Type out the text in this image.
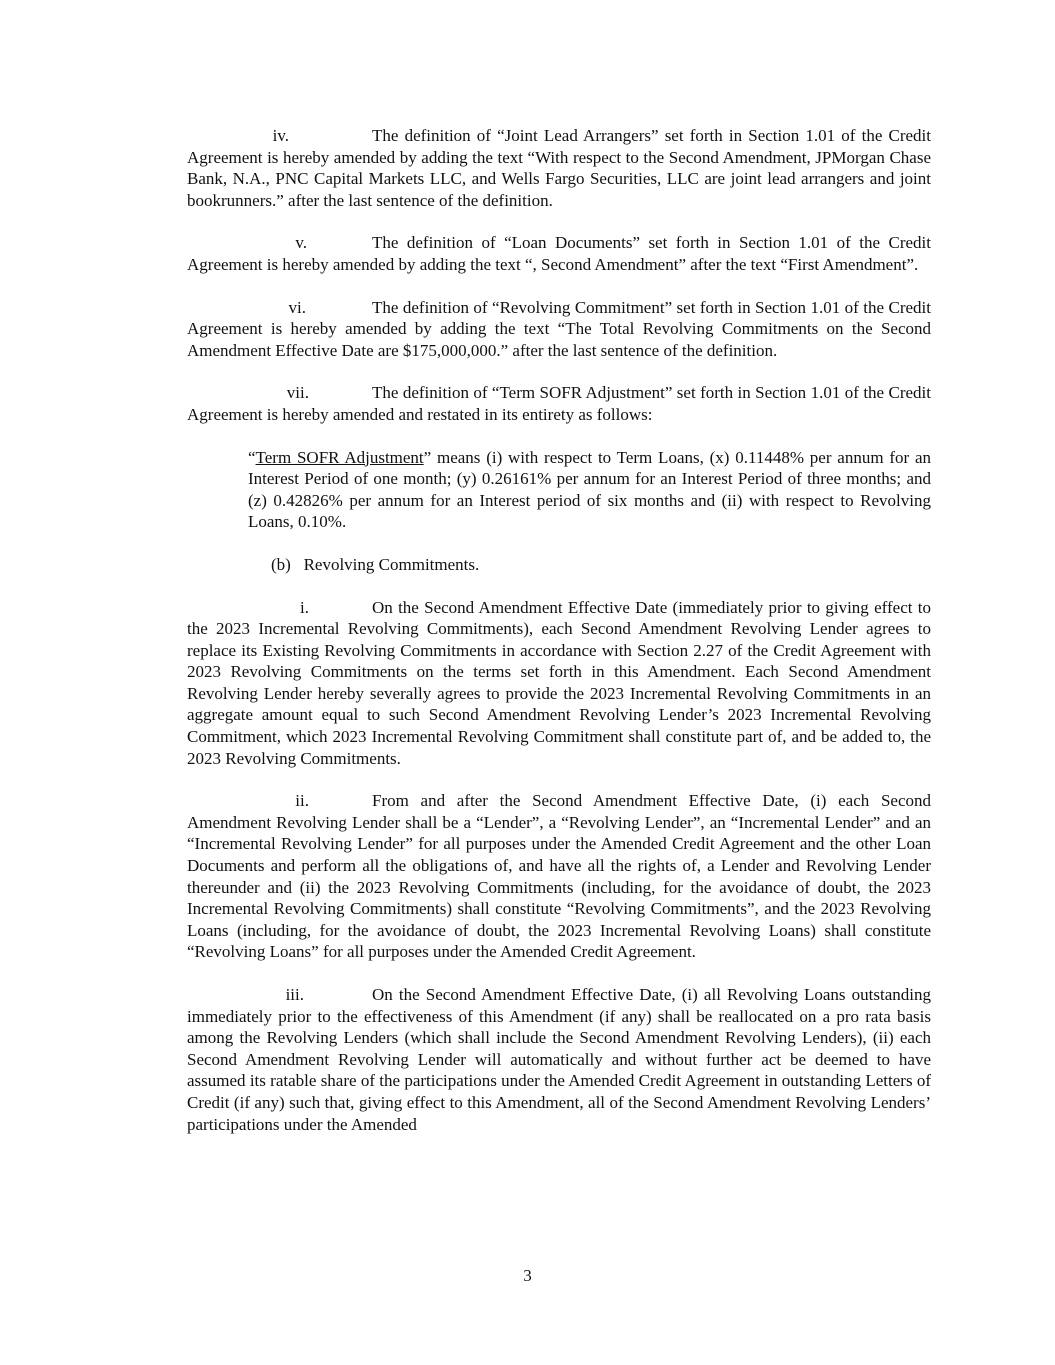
iv.	The definition of “Joint Lead Arrangers” set forth in Section 1.01 of the Credit Agreement is hereby amended by adding the text “With respect to the Second Amendment, JPMorgan Chase Bank, N.A., PNC Capital Markets LLC, and Wells Fargo Securities, LLC are joint lead arrangers and joint bookrunners.” after the last sentence of the definition.

v.	The definition of “Loan Documents” set forth in Section 1.01 of the Credit Agreement is hereby amended by adding the text “, Second Amendment” after the text “First Amendment”.

vi.	The definition of “Revolving Commitment” set forth in Section 1.01 of the Credit Agreement is hereby amended by adding the text “The Total Revolving Commitments on the Second Amendment Effective Date are $175,000,000.” after the last sentence of the definition.

vii.	The definition of “Term SOFR Adjustment” set forth in Section 1.01 of the Credit Agreement is hereby amended and restated in its entirety as follows:

“Term SOFR Adjustment” means (i) with respect to Term Loans, (x) 0.11448% per annum for an Interest Period of one month; (y) 0.26161% per annum for an Interest Period of three months; and (z) 0.42826% per annum for an Interest period of six months and (ii) with respect to Revolving Loans, 0.10%.

(b) Revolving Commitments.

i.	On the Second Amendment Effective Date (immediately prior to giving effect to the 2023 Incremental Revolving Commitments), each Second Amendment Revolving Lender agrees to replace its Existing Revolving Commitments in accordance with Section 2.27 of the Credit Agreement with 2023 Revolving Commitments on the terms set forth in this Amendment. Each Second Amendment Revolving Lender hereby severally agrees to provide the 2023 Incremental Revolving Commitments in an aggregate amount equal to such Second Amendment Revolving Lender’s 2023 Incremental Revolving Commitment, which 2023 Incremental Revolving Commitment shall constitute part of, and be added to, the 2023 Revolving Commitments.

ii.	From and after the Second Amendment Effective Date, (i) each Second Amendment Revolving Lender shall be a “Lender”, a “Revolving Lender”, an “Incremental Lender” and an “Incremental Revolving Lender” for all purposes under the Amended Credit Agreement and the other Loan Documents and perform all the obligations of, and have all the rights of, a Lender and Revolving Lender thereunder and (ii) the 2023 Revolving Commitments (including, for the avoidance of doubt, the 2023 Incremental Revolving Commitments) shall constitute “Revolving Commitments”, and the 2023 Revolving Loans (including, for the avoidance of doubt, the 2023 Incremental Revolving Loans) shall constitute “Revolving Loans” for all purposes under the Amended Credit Agreement.

iii.	On the Second Amendment Effective Date, (i) all Revolving Loans outstanding immediately prior to the effectiveness of this Amendment (if any) shall be reallocated on a pro rata basis among the Revolving Lenders (which shall include the Second Amendment Revolving Lenders), (ii) each Second Amendment Revolving Lender will automatically and without further act be deemed to have assumed its ratable share of the participations under the Amended Credit Agreement in outstanding Letters of Credit (if any) such that, giving effect to this Amendment, all of the Second Amendment Revolving Lenders’ participations under the Amended

3
